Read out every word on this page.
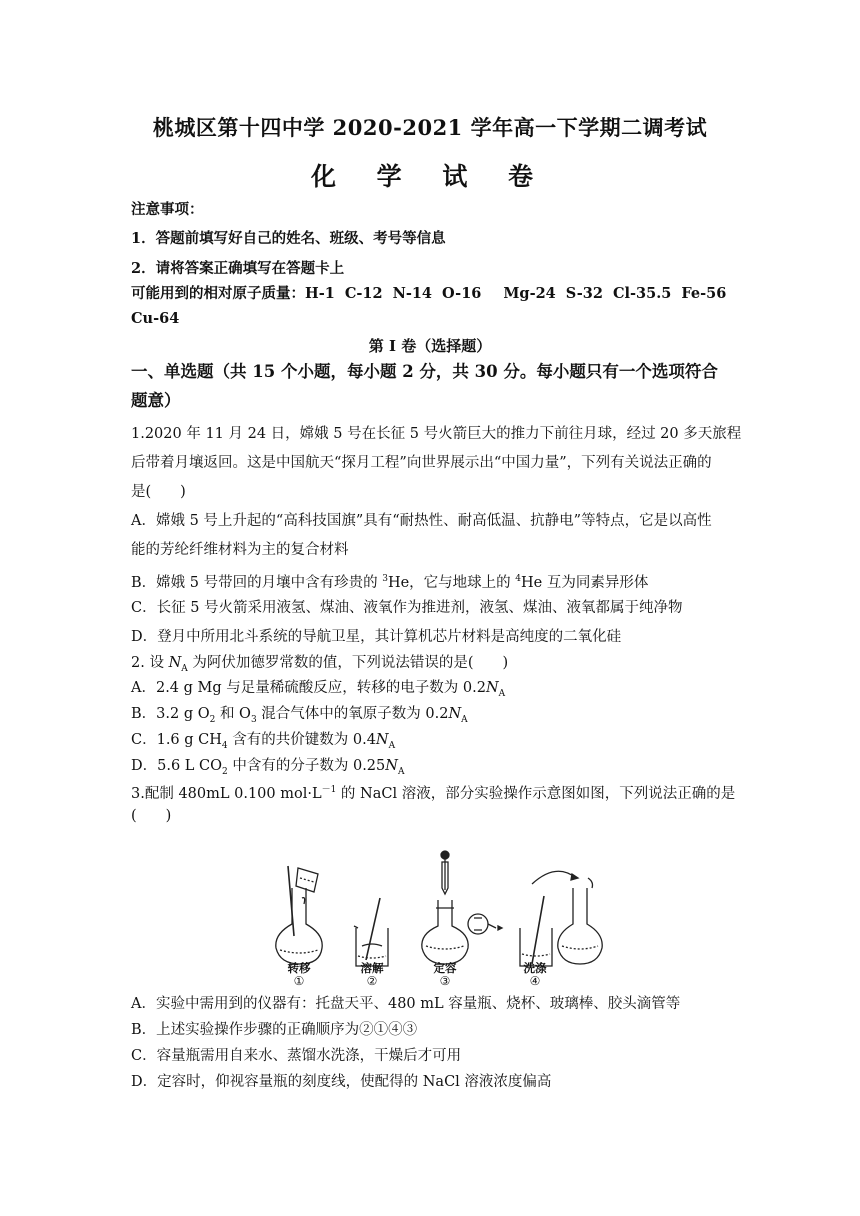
桃城区第十四中学 2020-2021 学年高一下学期二调考试
化 学 试 卷
注意事项：
1．答题前填写好自己的姓名、班级、考号等信息
2．请将答案正确填写在答题卡上
可能用到的相对原子质量：H-1 C-12 N-14 O-16 Mg-24 S-32 Cl-35.5 Fe-56
Cu-64
第 I 卷（选择题）
一、单选题（共 15 个小题，每小题 2 分，共 30 分。每小题只有一个选项符合
题意）
1.2020 年 11 月 24 日，嫦娥 5 号在长征 5 号火箭巨大的推力下前往月球，经过 20 多天旅程
后带着月壤返回。这是中国航天“探月工程”向世界展示出“中国力量”，下列有关说法正确的
是(　　)
A．嫦娥 5 号上升起的“高科技国旗”具有“耐热性、耐高低温、抗静电”等特点，它是以高性
能的芳纶纤维材料为主的复合材料
B．嫦娥 5 号带回的月壤中含有珍贵的 $^3$He，它与地球上的 $^4$He 互为同素异形体
C．长征 5 号火箭采用液氢、煤油、液氧作为推进剂，液氢、煤油、液氧都属于纯净物
D．登月中所用北斗系统的导航卫星，其计算机芯片材料是高纯度的二氧化硅
2. 设 $N_A$ 为阿伏加德罗常数的值，下列说法错误的是(　　)
A．2.4 g Mg 与足量稀硫酸反应，转移的电子数为 $0.2N_A$
B．3.2 g $O_2$ 和 $O_3$ 混合气体中的氧原子数为 $0.2N_A$
C．1.6 g $CH_4$ 含有的共价键数为 $0.4N_A$
D．5.6 L $CO_2$ 中含有的分子数为 $0.25N_A$
3.配制 480mL 0.100 $mol\cdot L^{-1}$ 的 NaCl 溶液，部分实验操作示意图如图，下列说法正确的是
(　　)
转移	溶解	定容	洗涤
①	②	③	④
A．实验中需用到的仪器有：托盘天平、480 mL 容量瓶、烧杯、玻璃棒、胶头滴管等
B．上述实验操作步骤的正确顺序为②①④③
C．容量瓶需用自来水、蒸馏水洗涤，干燥后才可用
D．定容时，仰视容量瓶的刻度线，使配得的 NaCl 溶液浓度偏高
